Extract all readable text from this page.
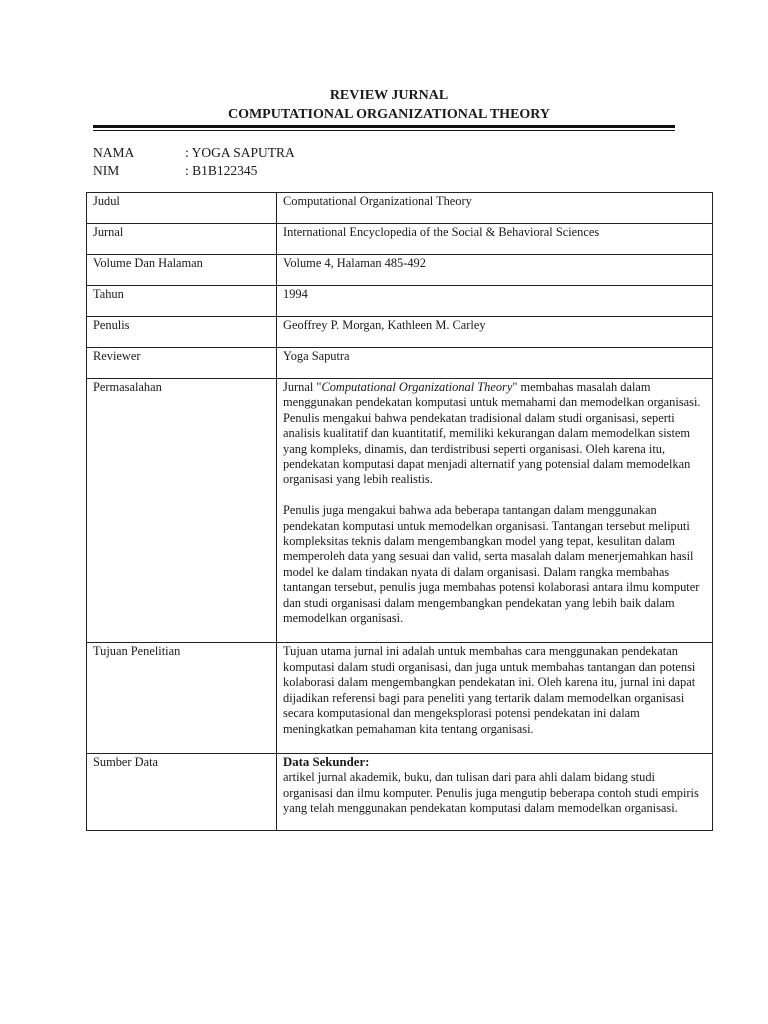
REVIEW JURNAL
COMPUTATIONAL ORGANIZATIONAL THEORY
NAMA	: YOGA SAPUTRA
NIM	: B1B122345
Judul	Computational Organizational Theory
Jurnal	International Encyclopedia of the Social & Behavioral Sciences
Volume Dan Halaman	Volume 4, Halaman 485-492
Tahun	1994
Penulis	Geoffrey P. Morgan, Kathleen M. Carley
Reviewer	Yoga Saputra
Permasalahan	Jurnal "Computational Organizational Theory" membahas masalah dalam menggunakan pendekatan komputasi untuk memahami dan memodelkan organisasi. Penulis mengakui bahwa pendekatan tradisional dalam studi organisasi, seperti analisis kualitatif dan kuantitatif, memiliki kekurangan dalam memodelkan sistem yang kompleks, dinamis, dan terdistribusi seperti organisasi. Oleh karena itu, pendekatan komputasi dapat menjadi alternatif yang potensial dalam memodelkan organisasi yang lebih realistis.

Penulis juga mengakui bahwa ada beberapa tantangan dalam menggunakan pendekatan komputasi untuk memodelkan organisasi. Tantangan tersebut meliputi kompleksitas teknis dalam mengembangkan model yang tepat, kesulitan dalam memperoleh data yang sesuai dan valid, serta masalah dalam menerjemahkan hasil model ke dalam tindakan nyata di dalam organisasi. Dalam rangka membahas tantangan tersebut, penulis juga membahas potensi kolaborasi antara ilmu komputer dan studi organisasi dalam mengembangkan pendekatan yang lebih baik dalam memodelkan organisasi.

Tujuan Penelitian	Tujuan utama jurnal ini adalah untuk membahas cara menggunakan pendekatan komputasi dalam studi organisasi, dan juga untuk membahas tantangan dan potensi kolaborasi dalam mengembangkan pendekatan ini. Oleh karena itu, jurnal ini dapat dijadikan referensi bagi para peneliti yang tertarik dalam memodelkan organisasi secara komputasional dan mengeksplorasi potensi pendekatan ini dalam meningkatkan pemahaman kita tentang organisasi.
Sumber Data	Data Sekunder:
artikel jurnal akademik, buku, dan tulisan dari para ahli dalam bidang studi organisasi dan ilmu komputer. Penulis juga mengutip beberapa contoh studi empiris yang telah menggunakan pendekatan komputasi dalam memodelkan organisasi.
